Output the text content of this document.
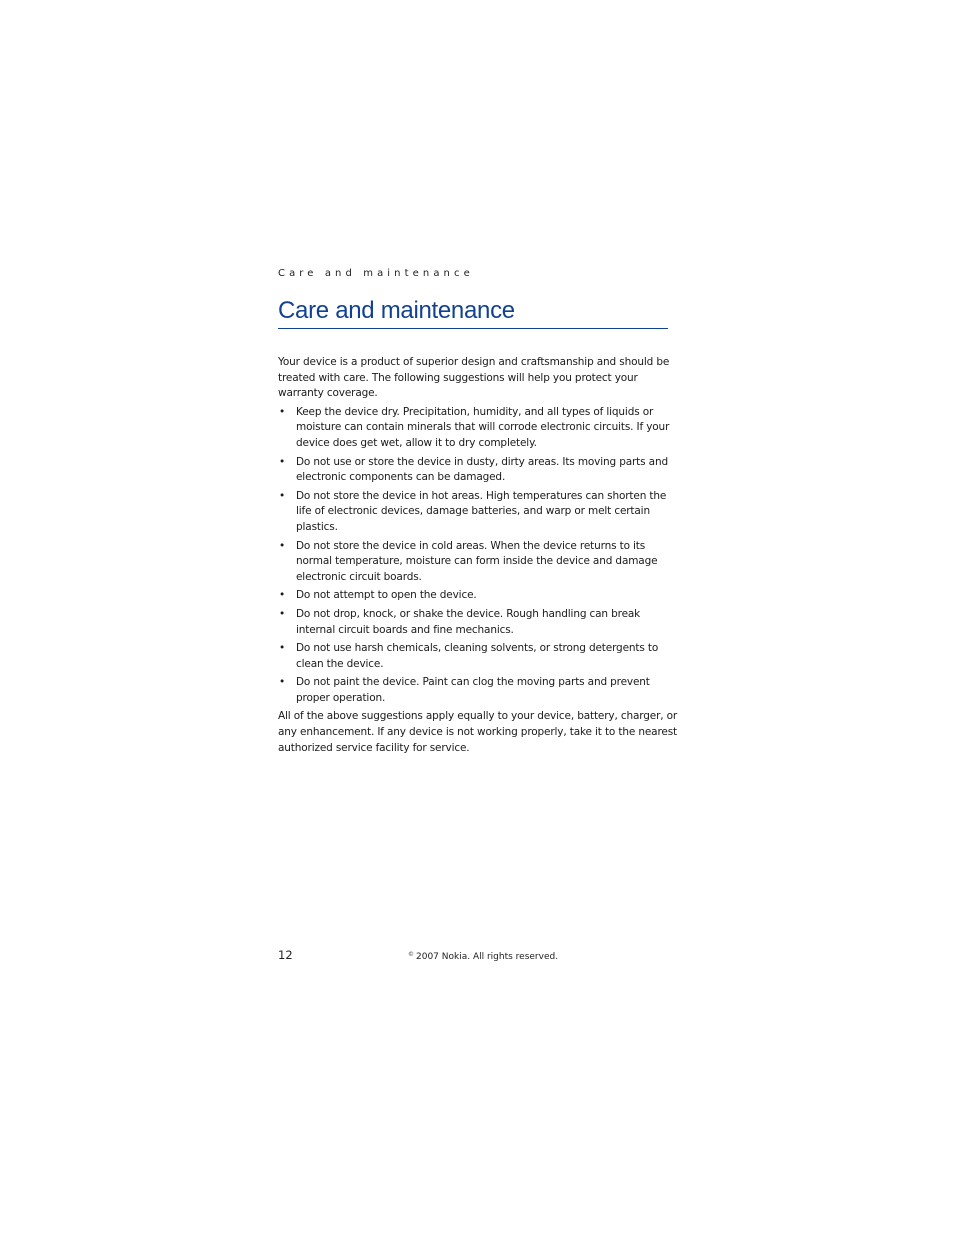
Care and maintenance
Care and maintenance

Your device is a product of superior design and craftsmanship and should be treated with care. The following suggestions will help you protect your warranty coverage.

• Keep the device dry. Precipitation, humidity, and all types of liquids or moisture can contain minerals that will corrode electronic circuits. If your device does get wet, allow it to dry completely.
• Do not use or store the device in dusty, dirty areas. Its moving parts and electronic components can be damaged.
• Do not store the device in hot areas. High temperatures can shorten the life of electronic devices, damage batteries, and warp or melt certain plastics.
• Do not store the device in cold areas. When the device returns to its normal temperature, moisture can form inside the device and damage electronic circuit boards.
• Do not attempt to open the device.
• Do not drop, knock, or shake the device. Rough handling can break internal circuit boards and fine mechanics.
• Do not use harsh chemicals, cleaning solvents, or strong detergents to clean the device.
• Do not paint the device. Paint can clog the moving parts and prevent proper operation.

All of the above suggestions apply equally to your device, battery, charger, or any enhancement. If any device is not working properly, take it to the nearest authorized service facility for service.

12	© 2007 Nokia. All rights reserved.
